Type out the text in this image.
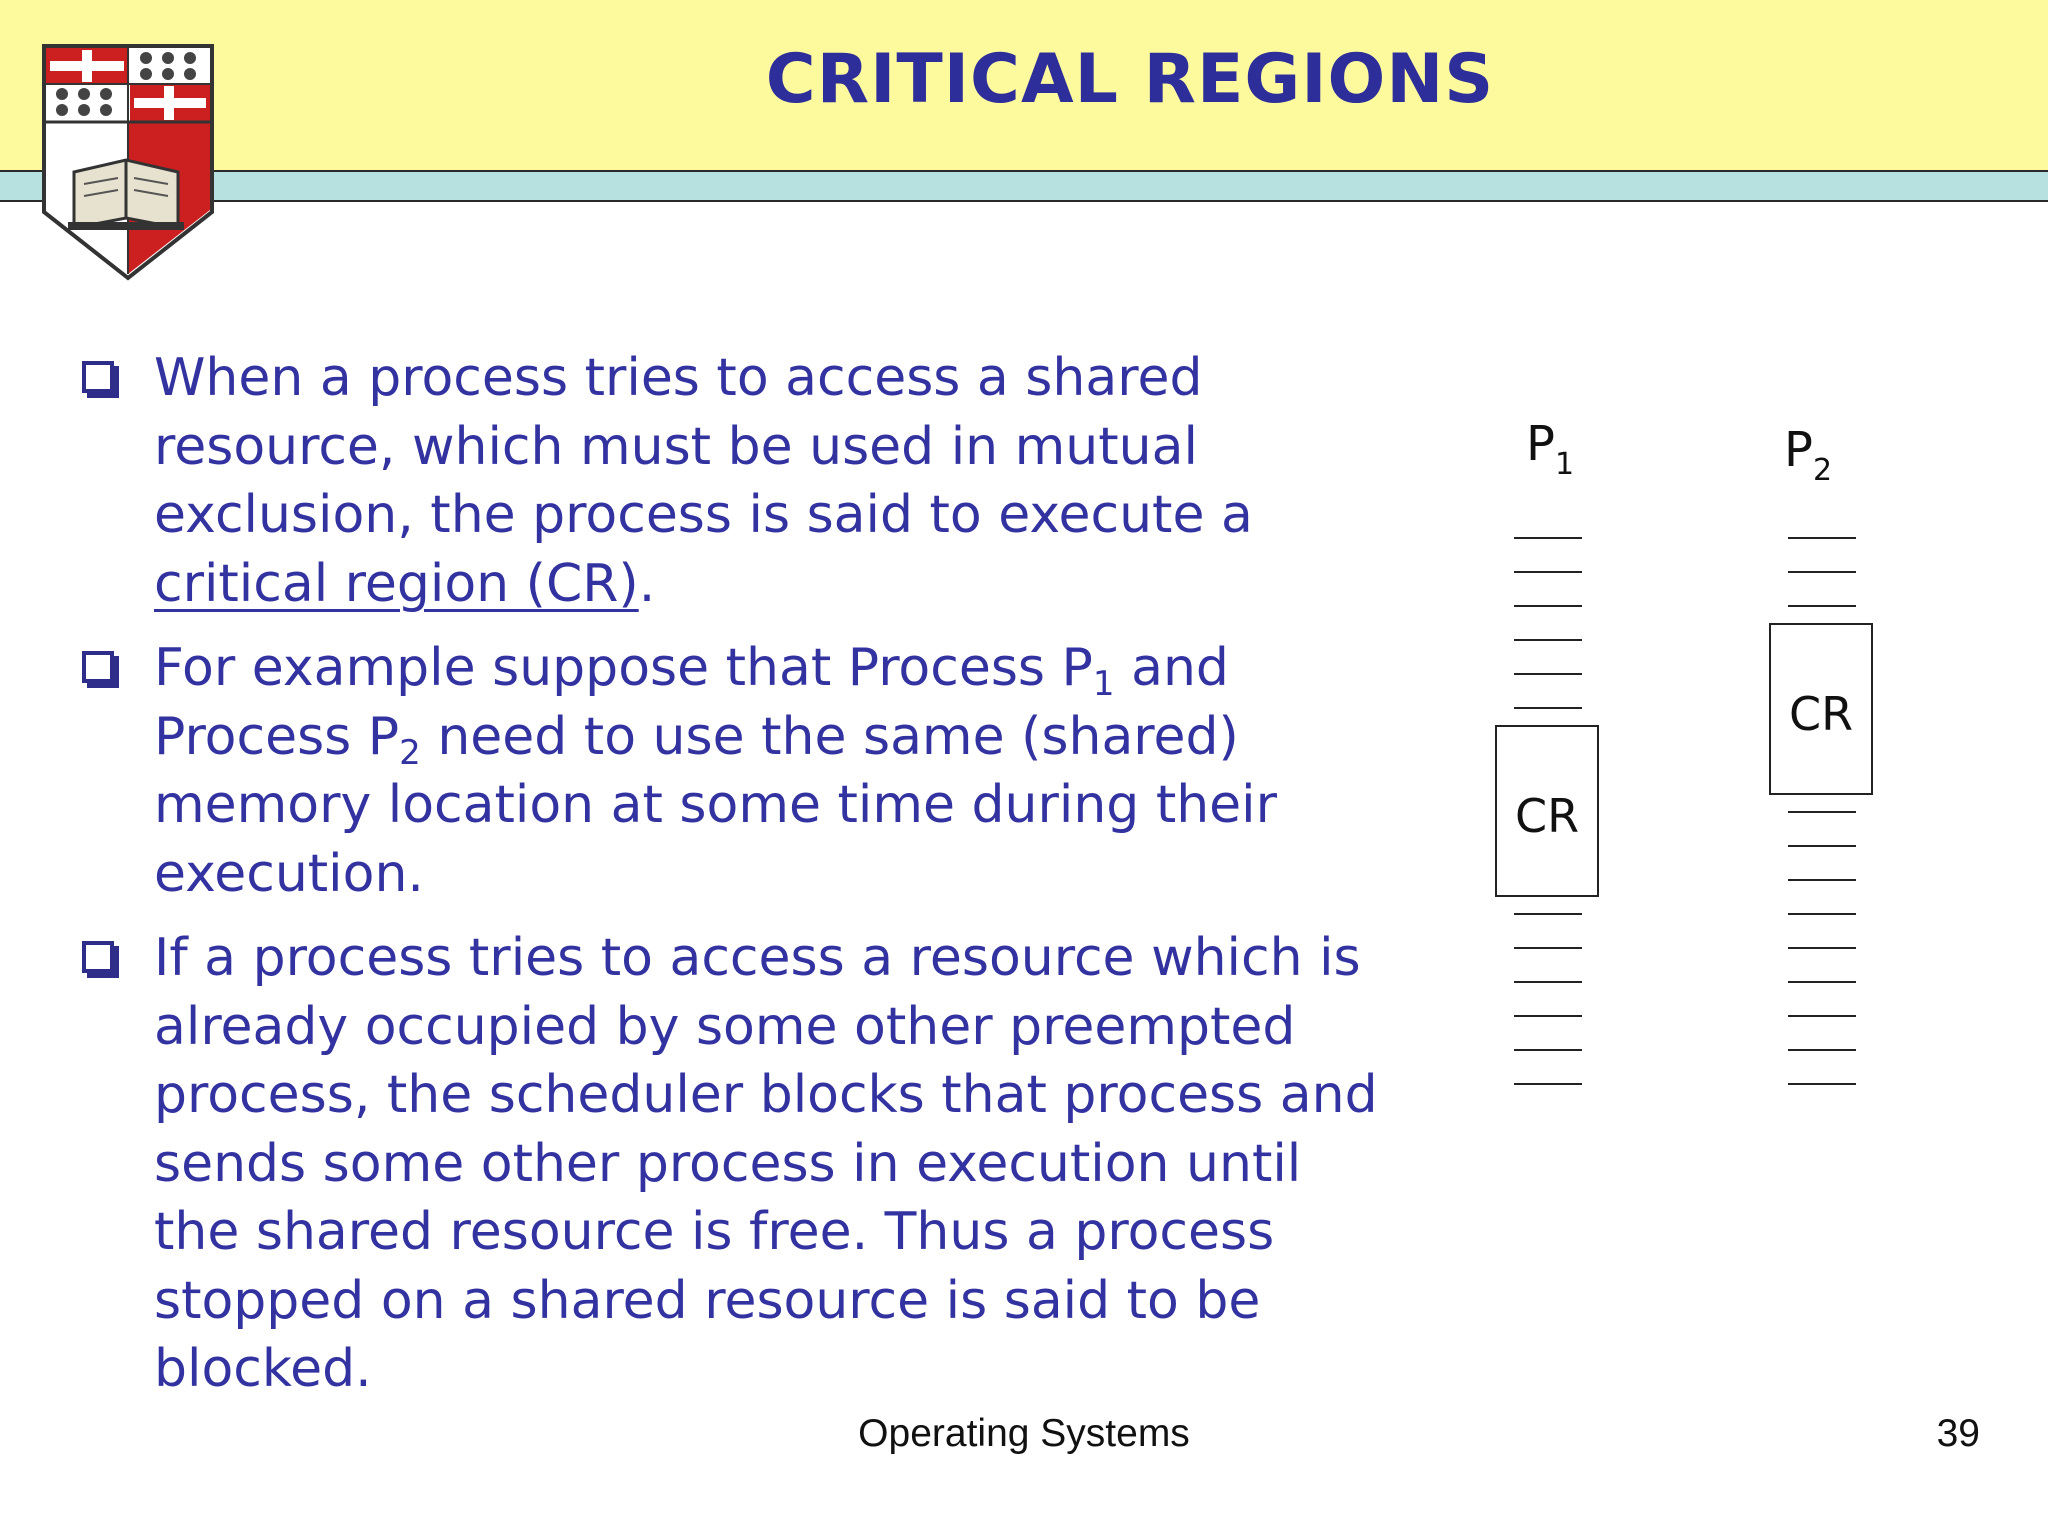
CRITICAL REGIONS
When a process tries to access a shared resource, which must be used in mutual exclusion, the process is said to execute a critical region (CR).
For example suppose that Process $P_1$ and Process $P_2$ need to use the same (shared) memory location at some time during their execution.
If a process tries to access a resource which is already occupied by some other preempted process, the scheduler blocks that process and sends some other process in execution until the shared resource is free. Thus a process stopped on a shared resource is said to be blocked.
$P_1$	$P_2$
CR
CR
Operating Systems	39
